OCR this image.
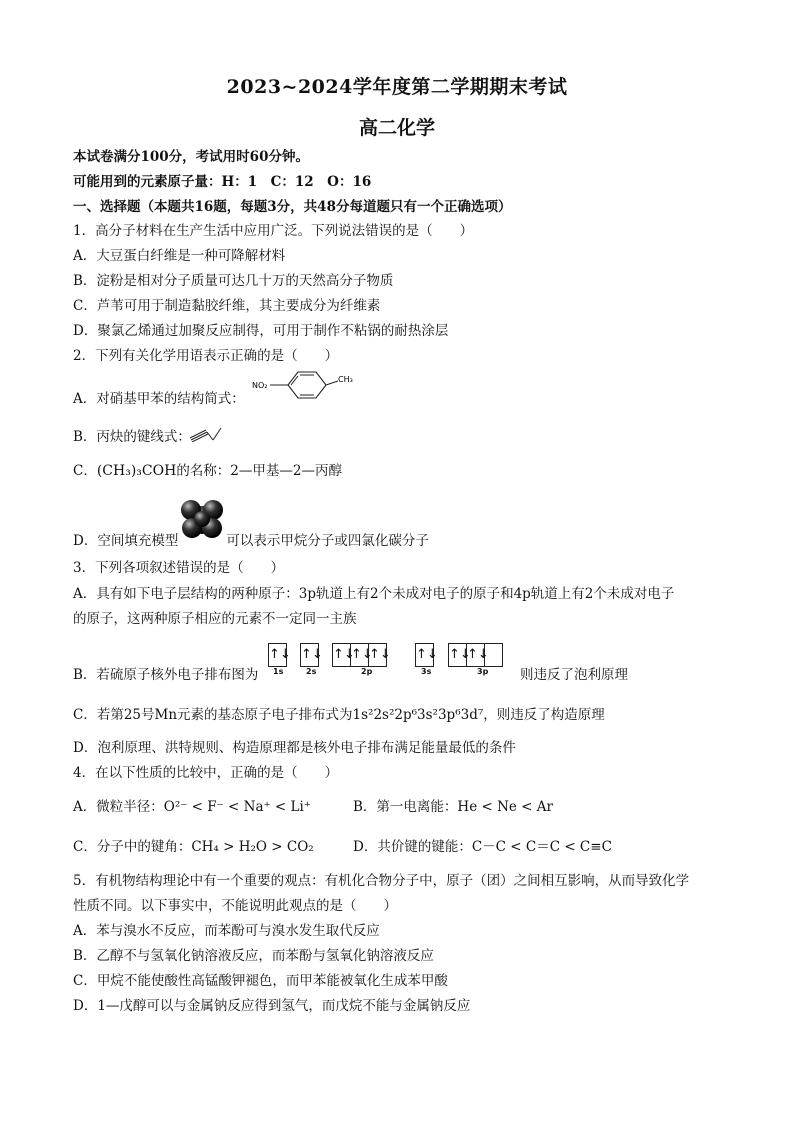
2023~2024学年度第二学期期末考试
高二化学
本试卷满分100分，考试用时60分钟。
可能用到的元素原子量：H：1　C：12　O：16
一、选择题（本题共16题，每题3分，共48分每道题只有一个正确选项）
1．高分子材料在生产生活中应用广泛。下列说法错误的是（　　）
A．大豆蛋白纤维是一种可降解材料
B．淀粉是相对分子质量可达几十万的天然高分子物质
C．芦苇可用于制造黏胶纤维，其主要成分为纤维素
D．聚氯乙烯通过加聚反应制得，可用于制作不粘锅的耐热涂层
2．下列有关化学用语表示正确的是（　　）
A．对硝基甲苯的结构简式：
NO₂
CH₃
B．丙炔的键线式：
C．(CH₃)₃COH的名称：2—甲基—2—丙醇
D．空间填充模型	可以表示甲烷分子或四氯化碳分子
3．下列各项叙述错误的是（　　）
A．具有如下电子层结构的两种原子：3p轨道上有2个未成对电子的原子和4p轨道上有2个未成对电子
的原子，这两种原子相应的元素不一定同一主族
B．若硫原子核外电子排布图为
↑↓
1s
↑↓
2s
↑↓
↑↓
↑↓
2p
↑↓
3s
↑↓
↑↓
3p 则违反了泡利原理
C．若第25号Mn元素的基态原子电子排布式为1s²2s²2p⁶3s²3p⁶3d⁷，则违反了构造原理
D．泡利原理、洪特规则、构造原理都是核外电子排布满足能量最低的条件
4．在以下性质的比较中，正确的是（　　）
A．微粒半径：O²⁻ < F⁻ < Na⁺ < Li⁺	B．第一电离能：He < Ne < Ar
C．分子中的键角：CH₄ > H₂O > CO₂	D．共价键的键能：C－C < C＝C < C≡C
5．有机物结构理论中有一个重要的观点：有机化合物分子中，原子（团）之间相互影响，从而导致化学
性质不同。以下事实中，不能说明此观点的是（　　）
A．苯与溴水不反应，而苯酚可与溴水发生取代反应
B．乙醇不与氢氧化钠溶液反应，而苯酚与氢氧化钠溶液反应
C．甲烷不能使酸性高锰酸钾褪色，而甲苯能被氧化生成苯甲酸
D．1—戊醇可以与金属钠反应得到氢气，而戊烷不能与金属钠反应
